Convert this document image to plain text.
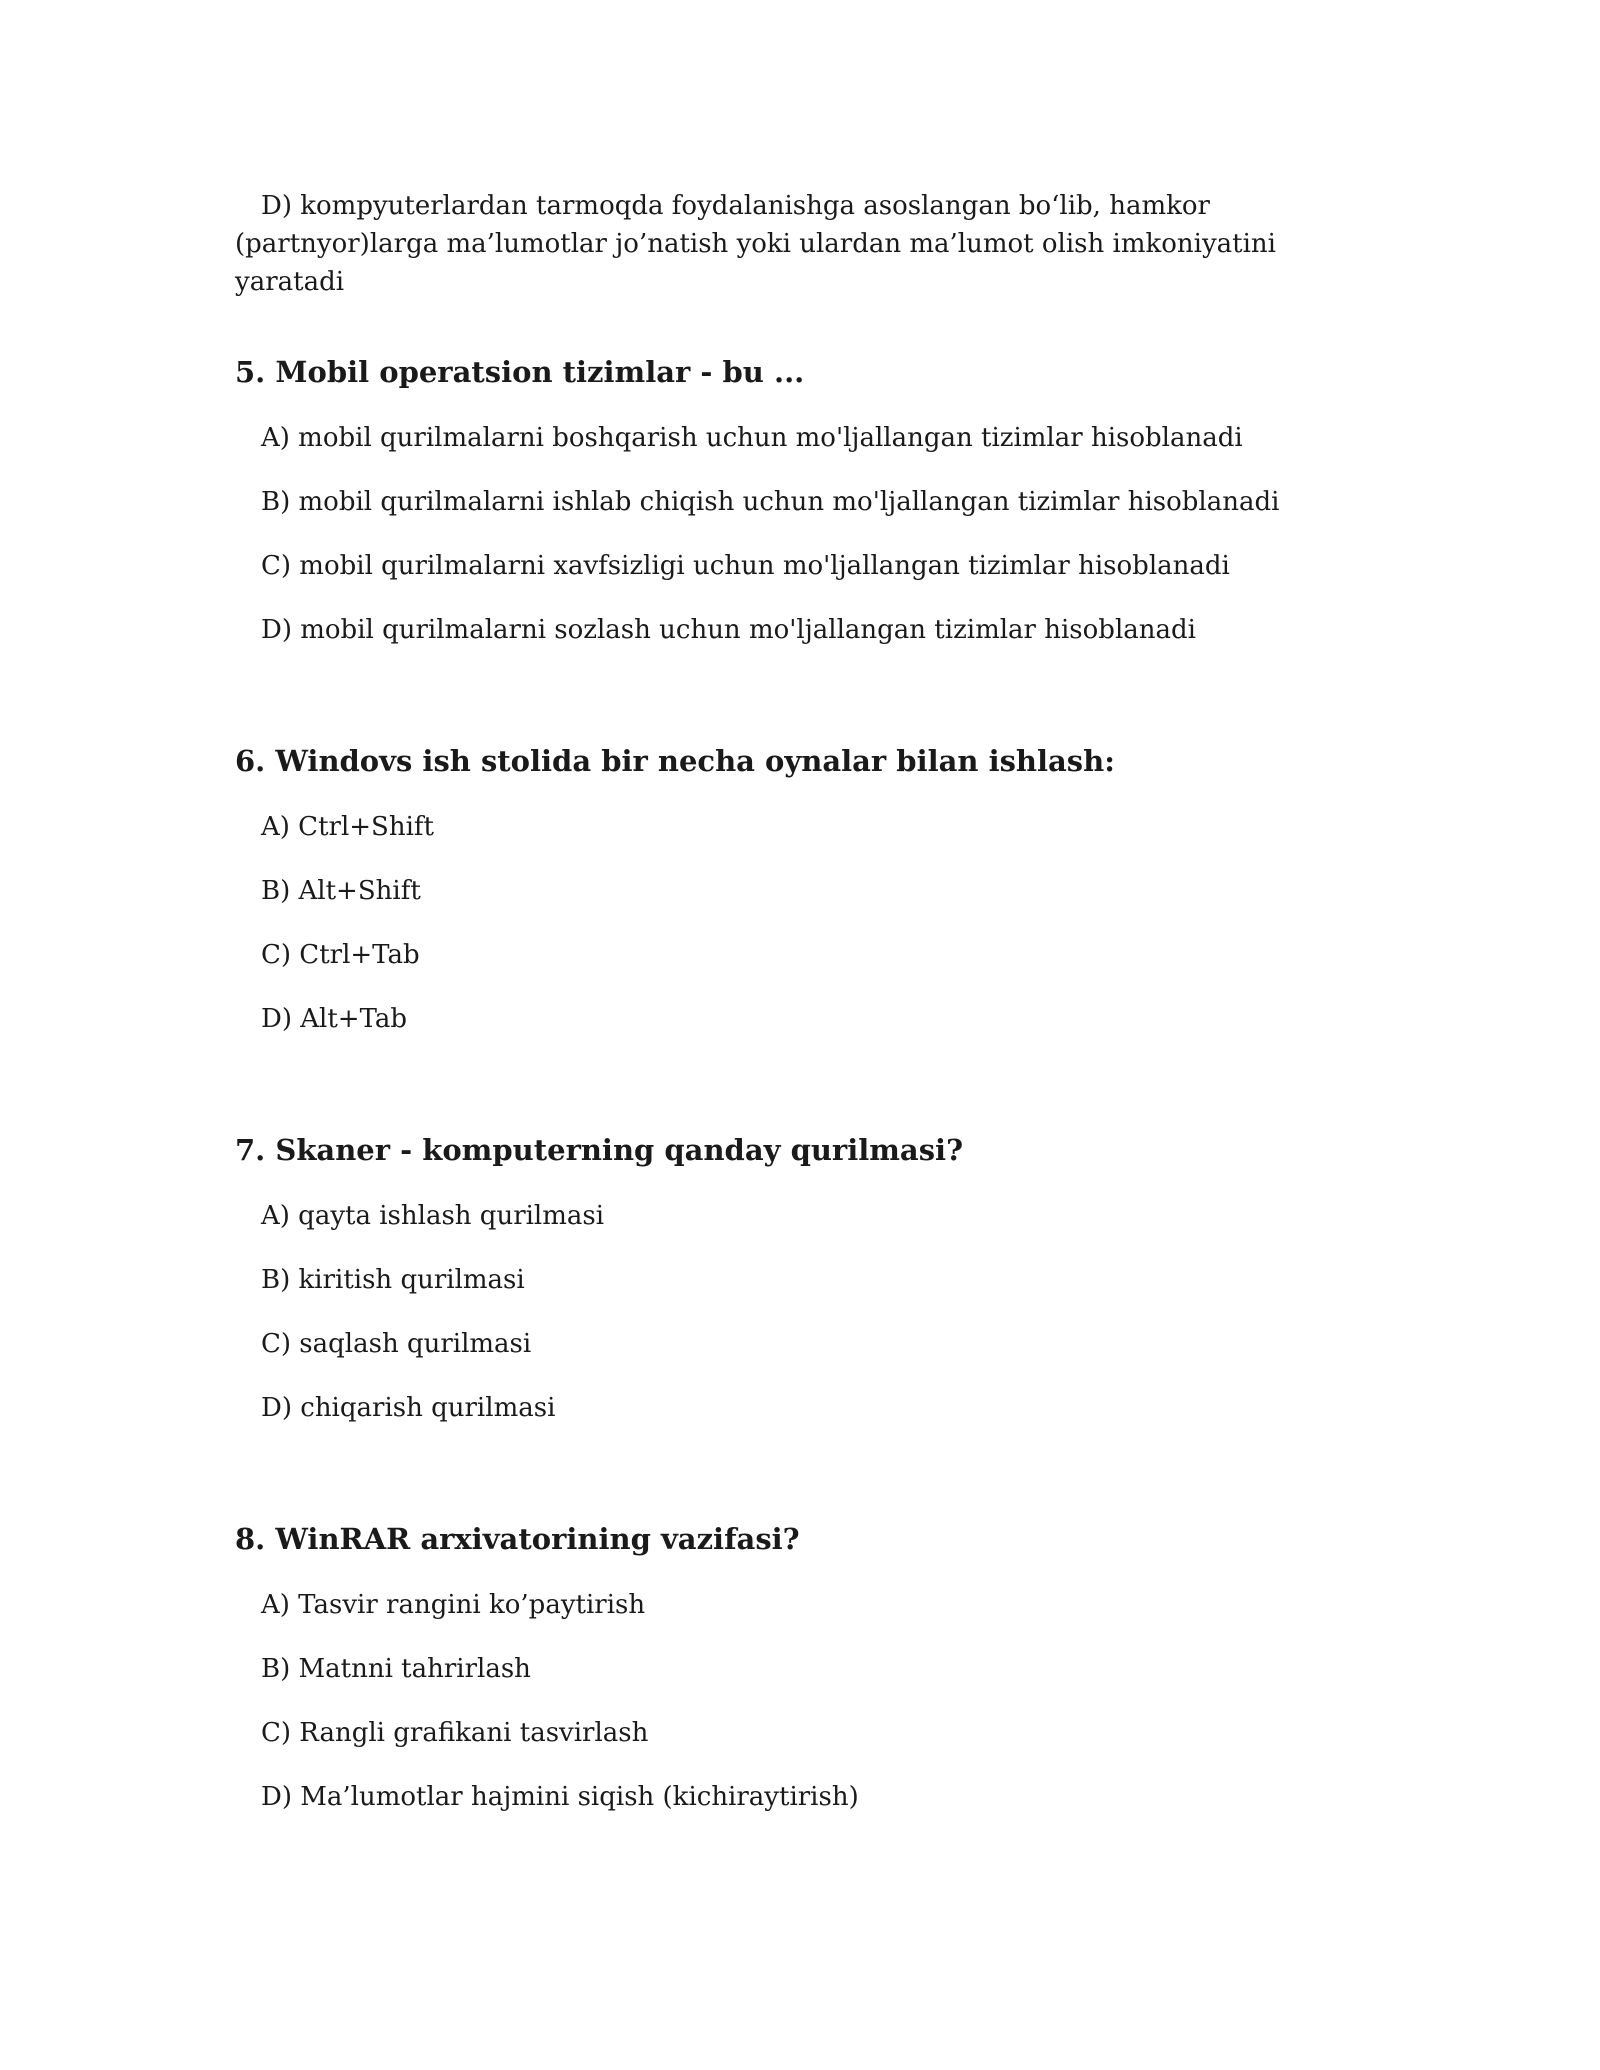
D) kompyuterlardan tarmoqda foydalanishga asoslangan bo‘lib, hamkor (partnyor)larga ma’lumotlar jo’natish yoki ulardan ma’lumot olish imkoniyatini yaratadi

5. Mobil operatsion tizimlar - bu ...

A) mobil qurilmalarni boshqarish uchun mo'ljallangan tizimlar hisoblanadi

B) mobil qurilmalarni ishlab chiqish uchun mo'ljallangan tizimlar hisoblanadi

C) mobil qurilmalarni xavfsizligi uchun mo'ljallangan tizimlar hisoblanadi

D) mobil qurilmalarni sozlash uchun mo'ljallangan tizimlar hisoblanadi

6. Windovs ish stolida bir necha oynalar bilan ishlash:

A) Ctrl+Shift

B) Alt+Shift

C) Ctrl+Tab

D) Alt+Tab

7. Skaner - komputerning qanday qurilmasi?

A) qayta ishlash qurilmasi

B) kiritish qurilmasi

C) saqlash qurilmasi

D) chiqarish qurilmasi

8. WinRAR arxivatorining vazifasi?

A) Tasvir rangini ko’paytirish

B) Matnni tahrirlash

C) Rangli grafikani tasvirlash

D) Ma’lumotlar hajmini siqish (kichiraytirish)
